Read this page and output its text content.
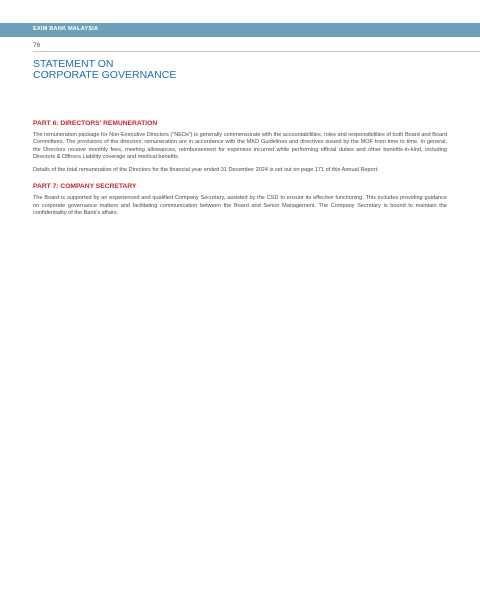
EXIM BANK MALAYSIA
76
STATEMENT ON
CORPORATE GOVERNANCE
PART 6: DIRECTORS' REMUNERATION

The remuneration package for Non-Executive Directors (“NEDs”) is generally commensurate with the accountabilities, roles and responsibilities of both Board and Board Committees. The provisions of the directors’ remuneration are in accordance with the MKD Guidelines and directives issued by the MOF from time to time. In general, the Directors receive monthly fees, meeting allowances, reimbursement for expenses incurred while performing official duties and other benefits-in-kind, including Directors & Officers Liability coverage and medical benefits.

Details of the total remuneration of the Directors for the financial year ended 31 December 2024 is set out on page 171 of this Annual Report.

PART 7: COMPANY SECRETARY

The Board is supported by an experienced and qualified Company Secretary, assisted by the CSD to ensure its effective functioning. This includes providing guidance on corporate governance matters and facilitating communication between the Board and Senior Management. The Company Secretary is bound to maintain the confidentiality of the Bank’s affairs.
